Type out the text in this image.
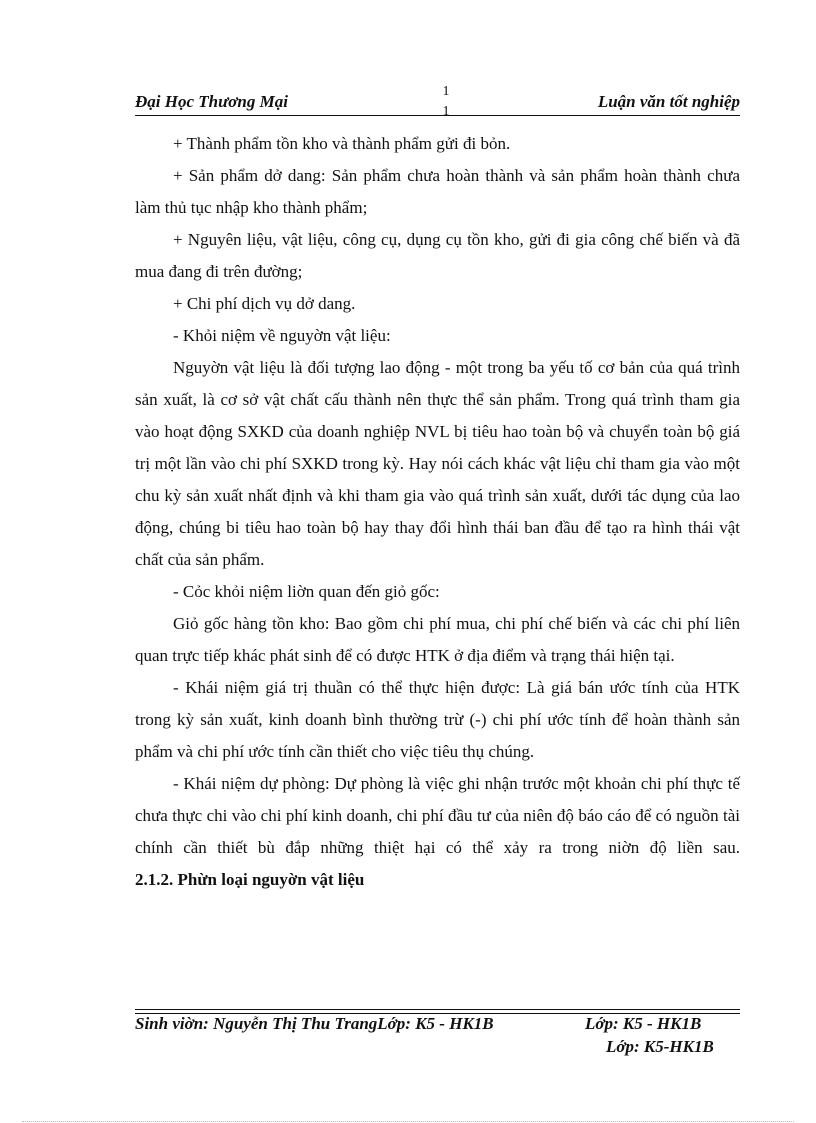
Đại Học Thương Mại
1
1
Luận văn tốt nghiệp

+ Thành phẩm tồn kho và thành phẩm gửi đi bỏn.

+ Sản phẩm dở dang: Sản phẩm chưa hoàn thành và sản phẩm hoàn thành chưa làm thủ tục nhập kho thành phẩm;

+ Nguyên liệu, vật liệu, công cụ, dụng cụ tồn kho, gửi đi gia công chế biến và đã mua đang đi trên đường;

+ Chi phí dịch vụ dở dang.

- Khỏi niệm về nguyờn vật liệu:

Nguyờn vật liệu là đối tượng lao động - một trong ba yếu tố cơ bản của quá trình sản xuất, là cơ sở vật chất cấu thành nên thực thể sản phẩm. Trong quá trình tham gia vào hoạt động SXKD của doanh nghiệp NVL bị tiêu hao toàn bộ và chuyển toàn bộ giá trị một lần vào chi phí SXKD trong kỳ. Hay nói cách khác vật liệu chỉ tham gia vào một chu kỳ sản xuất nhất định và khi tham gia vào quá trình sản xuất, dưới tác dụng của lao động, chúng bi tiêu hao toàn bộ hay thay đổi hình thái ban đầu để tạo ra hình thái vật chất của sản phẩm.

- Cỏc khỏi niệm liờn quan đến giỏ gốc:

Giỏ gốc hàng tồn kho: Bao gồm chi phí mua, chi phí chế biến và các chi phí liên quan trực tiếp khác phát sinh để có được HTK ở địa điểm và trạng thái hiện tại.

- Khái niệm giá trị thuần có thể thực hiện được: Là giá bán ước tính của HTK trong kỳ sản xuất, kinh doanh bình thường trừ (-) chi phí ước tính để hoàn thành sản phẩm và chi phí ước tính cần thiết cho việc tiêu thụ chúng.

- Khái niệm dự phòng: Dự phòng là việc ghi nhận trước một khoản chi phí thực tế chưa thực chi vào chi phí kinh doanh, chi phí đầu tư của niên độ báo cáo để có nguồn tài chính cần thiết bù đắp những thiệt hại có thể xảy ra trong niờn độ liền sau.

2.1.2. Phừn loại nguyờn vật liệu

Sinh viờn: Nguyễn Thị Thu TrangLớp: K5 - HK1B	Lớp: K5 - HK1B
Lớp: K5-HK1B
